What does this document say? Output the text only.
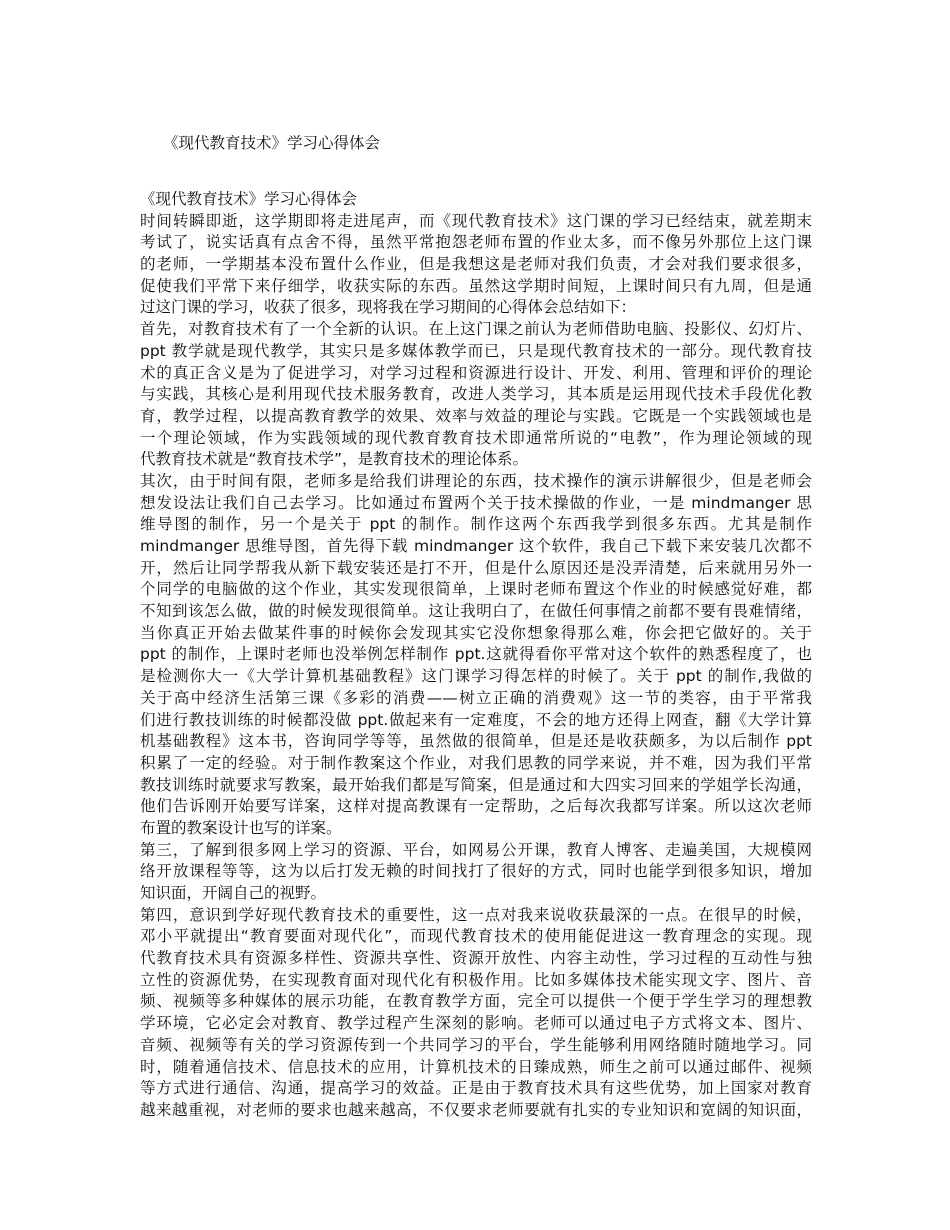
《现代教育技术》学习心得体会
《现代教育技术》学习心得体会
时间转瞬即逝，这学期即将走进尾声，而《现代教育技术》这门课的学习已经结束，就差期末
考试了，说实话真有点舍不得，虽然平常抱怨老师布置的作业太多，而不像另外那位上这门课
的老师，一学期基本没布置什么作业，但是我想这是老师对我们负责，才会对我们要求很多，
促使我们平常下来仔细学，收获实际的东西。虽然这学期时间短，上课时间只有九周，但是通
过这门课的学习，收获了很多，现将我在学习期间的心得体会总结如下：
首先，对教育技术有了一个全新的认识。在上这门课之前认为老师借助电脑、投影仪、幻灯片、
ppt 教学就是现代教学，其实只是多媒体教学而已，只是现代教育技术的一部分。现代教育技
术的真正含义是为了促进学习，对学习过程和资源进行设计、开发、利用、管理和评价的理论
与实践，其核心是利用现代技术服务教育，改进人类学习，其本质是运用现代技术手段优化教
育，教学过程，以提高教育教学的效果、效率与效益的理论与实践。它既是一个实践领域也是
一个理论领域，作为实践领域的现代教育教育技术即通常所说的“电教”，作为理论领域的现
代教育技术就是“教育技术学”，是教育技术的理论体系。
其次，由于时间有限，老师多是给我们讲理论的东西，技术操作的演示讲解很少，但是老师会
想发设法让我们自己去学习。比如通过布置两个关于技术操做的作业，一是 mindmanger 思
维导图的制作，另一个是关于 ppt 的制作。制作这两个东西我学到很多东西。尤其是制作
mindmanger 思维导图，首先得下载 mindmanger 这个软件，我自己下载下来安装几次都不
开，然后让同学帮我从新下载安装还是打不开，但是什么原因还是没弄清楚，后来就用另外一
个同学的电脑做的这个作业，其实发现很简单，上课时老师布置这个作业的时候感觉好难，都
不知到该怎么做，做的时候发现很简单。这让我明白了，在做任何事情之前都不要有畏难情绪，
当你真正开始去做某件事的时候你会发现其实它没你想象得那么难，你会把它做好的。关于
ppt 的制作，上课时老师也没举例怎样制作 ppt.这就得看你平常对这个软件的熟悉程度了，也
是检测你大一《大学计算机基础教程》这门课学习得怎样的时候了。关于 ppt 的制作,我做的
关于高中经济生活第三课《多彩的消费——树立正确的消费观》这一节的类容，由于平常我
们进行教技训练的时候都没做 ppt.做起来有一定难度，不会的地方还得上网查，翻《大学计算
机基础教程》这本书，咨询同学等等，虽然做的很简单，但是还是收获颇多，为以后制作 ppt
积累了一定的经验。对于制作教案这个作业，对我们思教的同学来说，并不难，因为我们平常
教技训练时就要求写教案，最开始我们都是写简案，但是通过和大四实习回来的学姐学长沟通，
他们告诉刚开始要写详案，这样对提高教课有一定帮助，之后每次我都写详案。所以这次老师
布置的教案设计也写的详案。
第三，了解到很多网上学习的资源、平台，如网易公开课，教育人博客、走遍美国，大规模网
络开放课程等等，这为以后打发无赖的时间找打了很好的方式，同时也能学到很多知识，增加
知识面，开阔自己的视野。
第四，意识到学好现代教育技术的重要性，这一点对我来说收获最深的一点。在很早的时候，
邓小平就提出“教育要面对现代化”，而现代教育技术的使用能促进这一教育理念的实现。现
代教育技术具有资源多样性、资源共享性、资源开放性、内容主动性，学习过程的互动性与独
立性的资源优势，在实现教育面对现代化有积极作用。比如多媒体技术能实现文字、图片、音
频、视频等多种媒体的展示功能，在教育教学方面，完全可以提供一个便于学生学习的理想教
学环境，它必定会对教育、教学过程产生深刻的影响。老师可以通过电子方式将文本、图片、
音频、视频等有关的学习资源传到一个共同学习的平台，学生能够利用网络随时随地学习。同
时，随着通信技术、信息技术的应用，计算机技术的日臻成熟，师生之前可以通过邮件、视频
等方式进行通信、沟通，提高学习的效益。正是由于教育技术具有这些优势，加上国家对教育
越来越重视，对老师的要求也越来越高，不仅要求老师要就有扎实的专业知识和宽阔的知识面，
